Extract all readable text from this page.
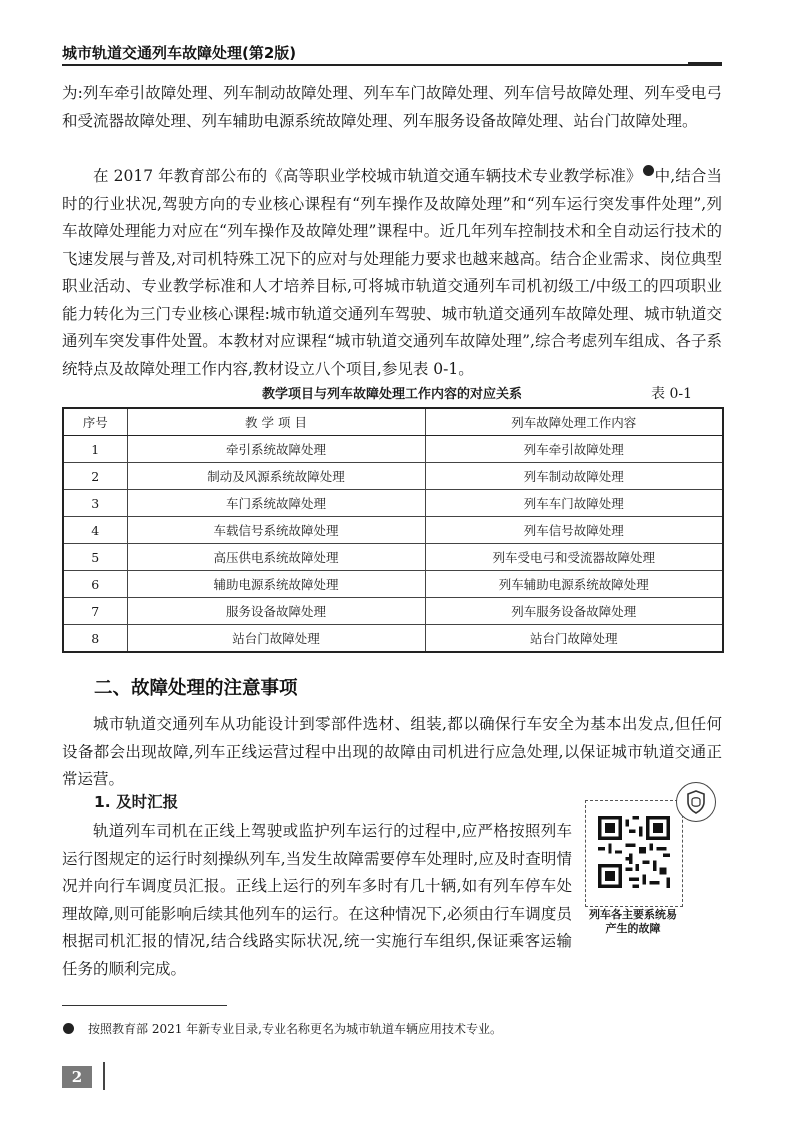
城市轨道交通列车故障处理(第2版)

为:列车牵引故障处理、列车制动故障处理、列车车门故障处理、列车信号故障处理、列车受电弓和受流器故障处理、列车辅助电源系统故障处理、列车服务设备故障处理、站台门故障处理。

在 2017 年教育部公布的《高等职业学校城市轨道交通车辆技术专业教学标准》 中,结合当时的行业状况,驾驶方向的专业核心课程有“列车操作及故障处理”和“列车运行突发事件处理”,列车故障处理能力对应在“列车操作及故障处理”课程中。近几年列车控制技术和全自动运行技术的飞速发展与普及,对司机特殊工况下的应对与处理能力要求也越来越高。结合企业需求、岗位典型职业活动、专业教学标准和人才培养目标,可将城市轨道交通列车司机初级工/中级工的四项职业能力转化为三门专业核心课程:城市轨道交通列车驾驶、城市轨道交通列车故障处理、城市轨道交通列车突发事件处置。本教材对应课程“城市轨道交通列车故障处理”,综合考虑列车组成、各子系统特点及故障处理工作内容,教材设立八个项目,参见表 0-1。

教学项目与列车故障处理工作内容的对应关系	表 0-1
序号	教 学 项 目	列车故障处理工作内容
1	牵引系统故障处理	列车牵引故障处理
2	制动及风源系统故障处理	列车制动故障处理
3	车门系统故障处理	列车车门故障处理
4	车载信号系统故障处理	列车信号故障处理
5	高压供电系统故障处理	列车受电弓和受流器故障处理
6	辅助电源系统故障处理	列车辅助电源系统故障处理
7	服务设备故障处理	列车服务设备故障处理
8	站台门故障处理	站台门故障处理
二、故障处理的注意事项

城市轨道交通列车从功能设计到零部件选材、组装,都以确保行车安全为基本出发点,但任何设备都会出现故障,列车正线运营过程中出现的故障由司机进行应急处理,以保证城市轨道交通正常运营。

1. 及时汇报

轨道列车司机在正线上驾驶或监护列车运行的过程中,应严格按照列车运行图规定的运行时刻操纵列车,当发生故障需要停车处理时,应及时查明情况并向行车调度员汇报。正线上运行的列车多时有几十辆,如有列车停车处理故障,则可能影响后续其他列车的运行。在这种情况下,必须由行车调度员根据司机汇报的情况,结合线路实际状况,统一实施行车组织,保证乘客运输任务的顺利完成。

列车各主要系统易产生的故障
按照教育部 2021 年新专业目录,专业名称更名为城市轨道车辆应用技术专业。
2
